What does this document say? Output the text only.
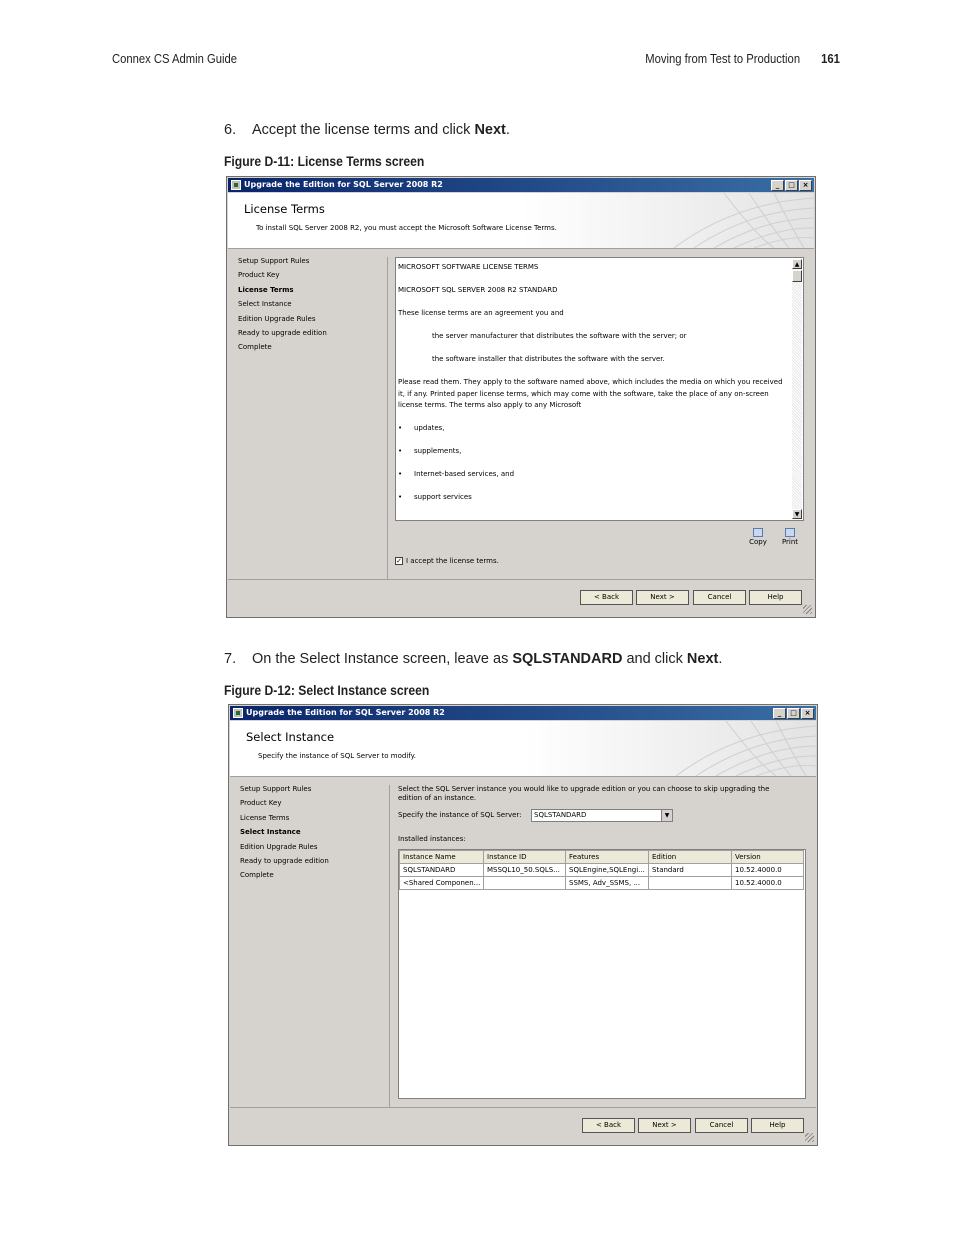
Connex CS Admin Guide	Moving from Test to Production 161
6. Accept the license terms and click Next.
Figure D-11: License Terms screen
Upgrade the Edition for SQL Server 2008 R2	_	□	×
License Terms
To install SQL Server 2008 R2, you must accept the Microsoft Software License Terms.
Setup Support Rules
Product Key
License Terms
Select Instance
Edition Upgrade Rules
Ready to upgrade edition
Complete

MICROSOFT SOFTWARE LICENSE TERMS

MICROSOFT SQL SERVER 2008 R2 STANDARD

These license terms are an agreement you and

the server manufacturer that distributes the software with the server; or

the software installer that distributes the software with the server.

Please read them. They apply to the software named above, which includes the media on which you received it, if any. Printed paper license terms, which may come with the software, take the place of any on-screen license terms. The terms also apply to any Microsoft

• updates,

• supplements,

• Internet-based services, and

• support services

▲
▼
Copy	Print
✓ I accept the license terms.
< Back	Next >	Cancel	Help
7. On the Select Instance screen, leave as SQLSTANDARD and click Next.
Figure D-12: Select Instance screen
Upgrade the Edition for SQL Server 2008 R2	_	□	×
Select Instance
Specify the instance of SQL Server to modify.
Setup Support Rules
Product Key
License Terms
Select Instance
Edition Upgrade Rules
Ready to upgrade edition
Complete
Select the SQL Server instance you would like to upgrade edition or you can choose to skip upgrading the edition of an instance.
Specify the instance of SQL Server:	SQLSTANDARD	▼
Installed instances:
Instance Name	Instance ID	Features	Edition	Version
SQLSTANDARD	MSSQL10_50.SQLS...	SQLEngine,SQLEngi...	Standard	10.52.4000.0
<Shared Componen...		SSMS, Adv_SSMS, ...		10.52.4000.0
< Back	Next >	Cancel	Help
